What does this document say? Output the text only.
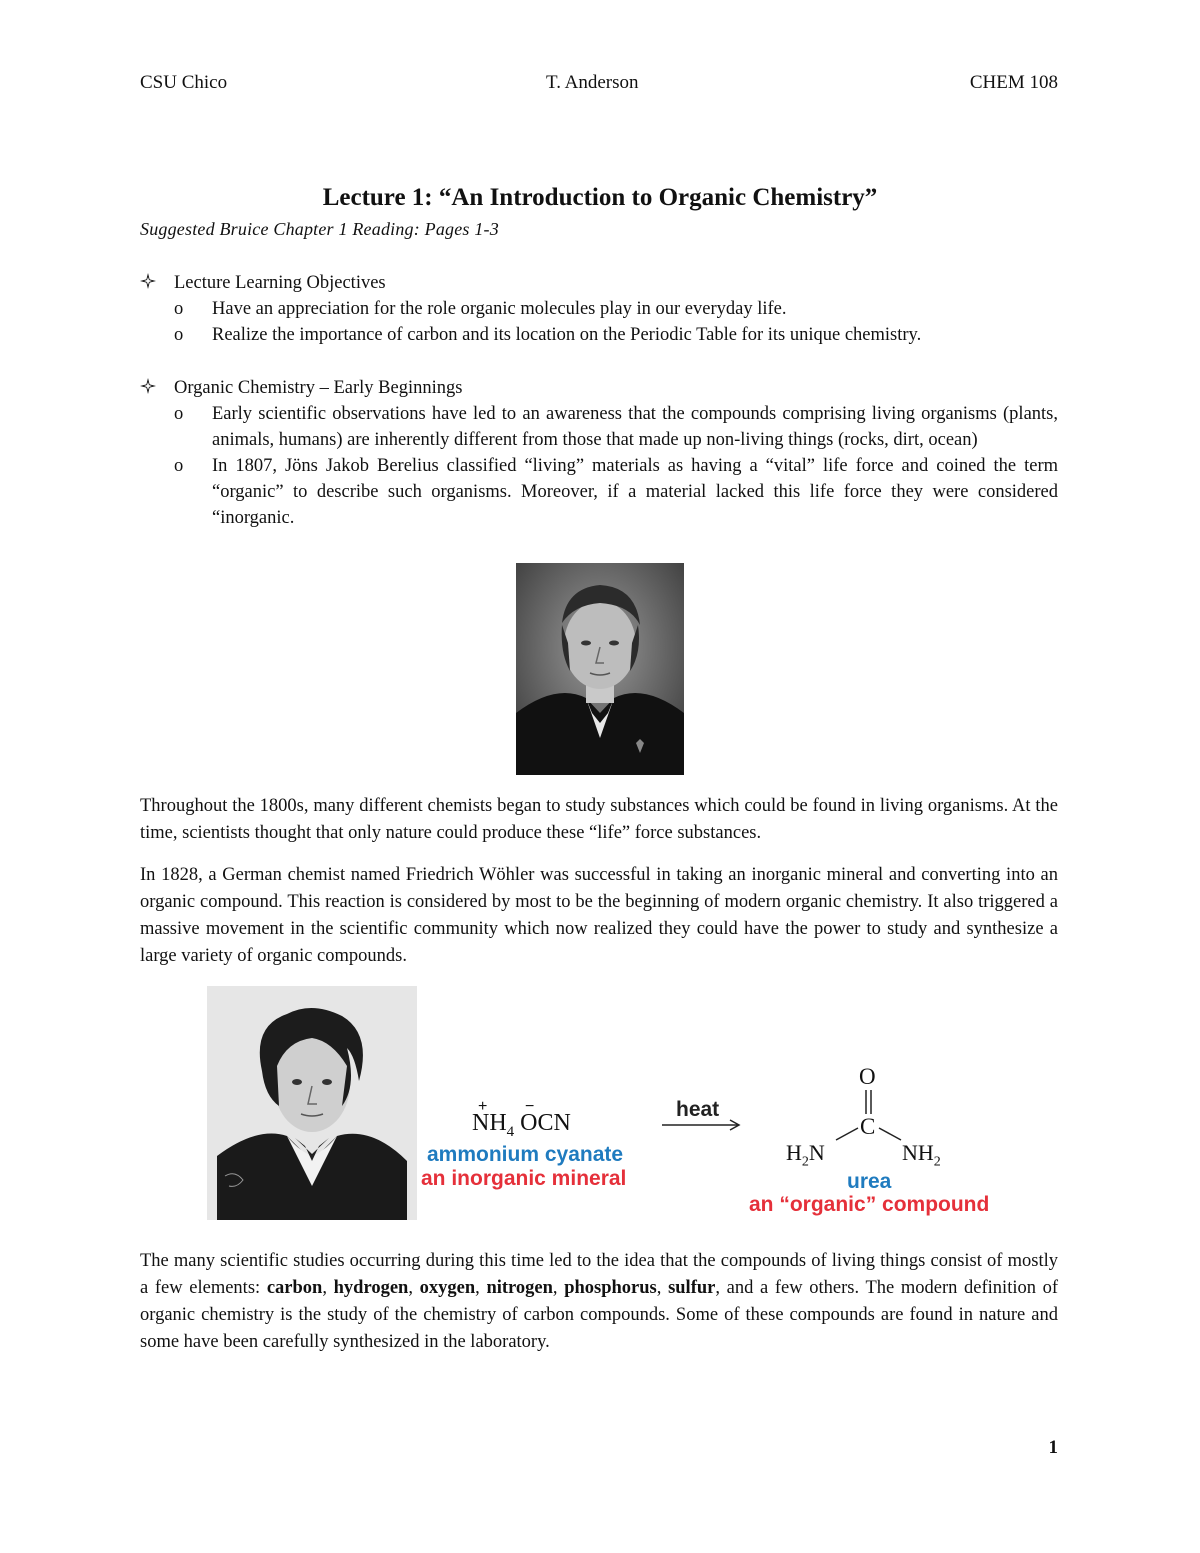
CSU Chico	T. Anderson	CHEM 108
Lecture 1: “An Introduction to Organic Chemistry”
Suggested Bruice Chapter 1 Reading: Pages 1-3
Lecture Learning Objectives
o	Have an appreciation for the role organic molecules play in our everyday life.
o	Realize the importance of carbon and its location on the Periodic Table for its unique chemistry.
Organic Chemistry – Early Beginnings
o	Early scientific observations have led to an awareness that the compounds comprising living organisms (plants, animals, humans) are inherently different from those that made up non-living things (rocks, dirt, ocean)
o	In 1807, Jöns Jakob Berelius classified “living” materials as having a “vital” life force and coined the term “organic” to describe such organisms. Moreover, if a material lacked this life force they were considered “inorganic.

Throughout the 1800s, many different chemists began to study substances which could be found in living organisms. At the time, scientists thought that only nature could produce these “life” force substances.

In 1828, a German chemist named Friedrich Wöhler was successful in taking an inorganic mineral and converting into an organic compound. This reaction is considered by most to be the beginning of modern organic chemistry. It also triggered a massive movement in the scientific community which now realized they could have the power to study and synthesize a large variety of organic compounds.

+ −
$NH_4$ OCN
ammonium cyanate
an inorganic mineral
heat
O
C
$H_2N$	$NH_2$
urea
an “organic” compound

The many scientific studies occurring during this time led to the idea that the compounds of living things consist of mostly a few elements: carbon, hydrogen, oxygen, nitrogen, phosphorus, sulfur, and a few others. The modern definition of organic chemistry is the study of the chemistry of carbon compounds. Some of these compounds are found in nature and some have been carefully synthesized in the laboratory.

1
